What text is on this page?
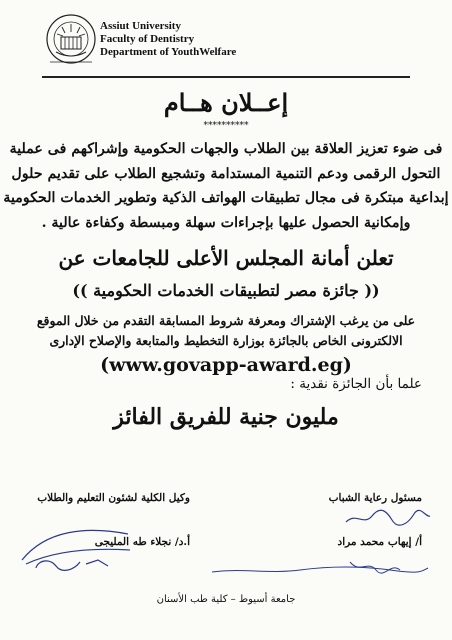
Assiut University
Faculty of Dentistry
Department of YouthWelfare
إعــلان هــام
**********
فى ضوء تعزيز العلاقة بين الطلاب والجهات الحكومية وإشراكهم فى عملية
التحول الرقمى ودعم التنمية المستدامة وتشجيع الطلاب على تقديم حلول
إبداعية مبتكرة فى مجال تطبيقات الهواتف الذكية وتطوير الخدمات الحكومية
وإمكانية الحصول عليها بإجراءات سهلة ومبسطة وكفاءة عالية .
تعلن أمانة المجلس الأعلى للجامعات عن
(( جائزة مصر لتطبيقات الخدمات الحكومية ))
على من يرغب الإشتراك ومعرفة شروط المسابقة التقدم من خلال الموقع
الالكترونى الخاص بالجائزة بوزارة التخطيط والمتابعة والإصلاح الإدارى
(www.govapp-award.eg)
علما بأن الجائزة نقدية :
مليون جنية للفريق الفائز
مسئول رعاية الشباب
وكيل الكلية لشئون التعليم والطلاب
أ/ إيهاب محمد مراد
أ.د/ نجلاء طه المليجى
جامعة أسيوط – كلية طب الأسنان
